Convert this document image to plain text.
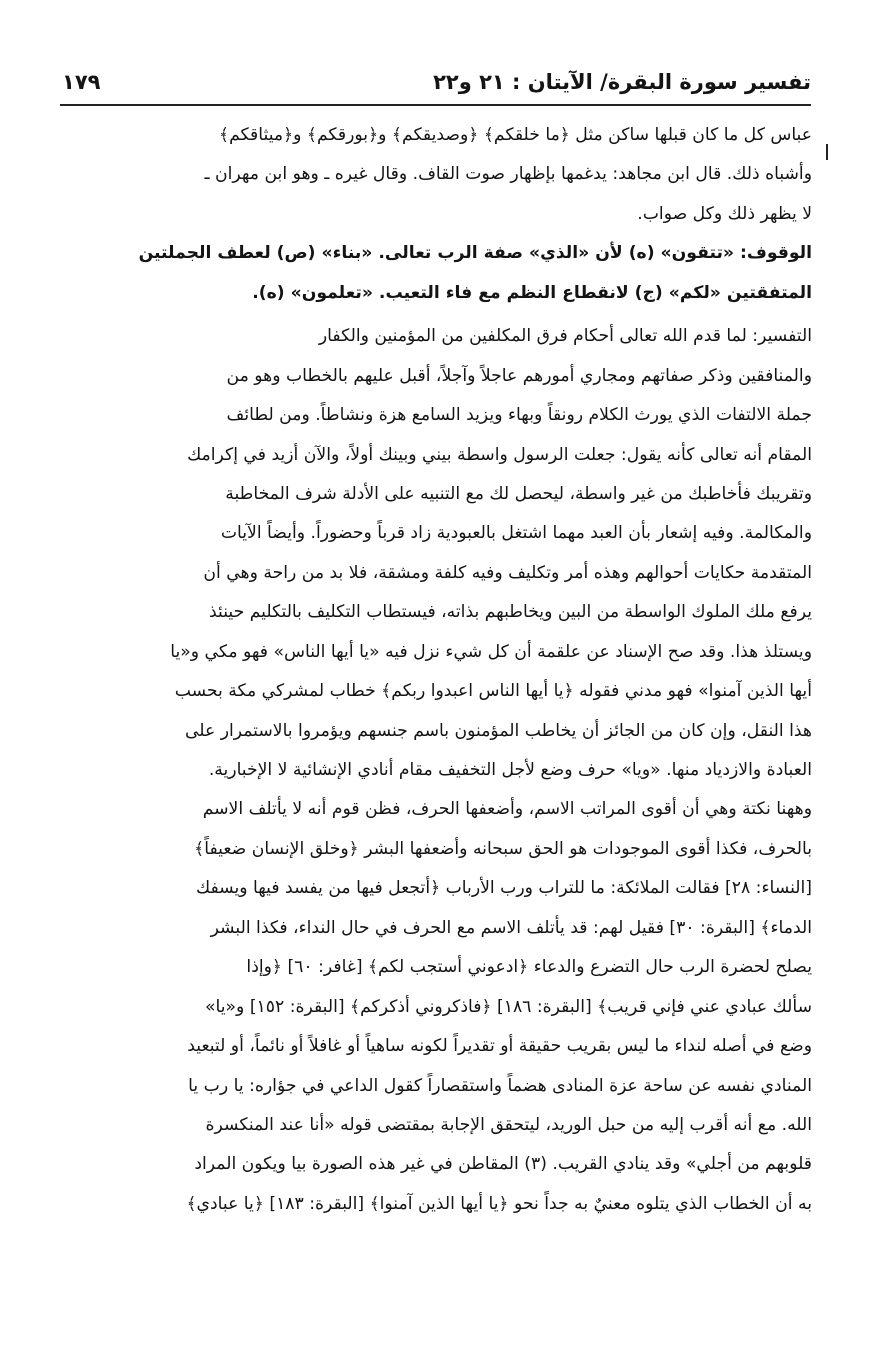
تفسير سورة البقرة/ الآيتان : ٢١ و٢٢
١٧٩
عباس كل ما كان قبلها ساكن مثل ﴿ما خلقكم﴾ ﴿وصديقكم﴾ و﴿بورقكم﴾ و﴿ميثاقكم﴾
وأشباه ذلك. قال ابن مجاهد: يدغمها بإظهار صوت القاف. وقال غيره ـ وهو ابن مهران ـ
لا يظهر ذلك وكل صواب.
الوقوف: «تتقون» (ه) لأن «الذي» صفة الرب تعالى. «بناء» (ص) لعطف الجملتين
المتفقتين «لكم» (ج) لانقطاع النظم مع فاء التعيب. «تعلمون» (ه).
التفسير: لما قدم الله تعالى أحكام فرق المكلفين من المؤمنين والكفار
والمنافقين وذكر صفاتهم ومجاري أمورهم عاجلاً وآجلاً، أقبل عليهم بالخطاب وهو من
جملة الالتفات الذي يورث الكلام رونقاً وبهاء ويزيد السامع هزة ونشاطاً. ومن لطائف
المقام أنه تعالى كأنه يقول: جعلت الرسول واسطة بيني وبينك أولاً، والآن أزيد في إكرامك
وتقريبك فأخاطبك من غير واسطة، ليحصل لك مع التنبيه على الأدلة شرف المخاطبة
والمكالمة. وفيه إشعار بأن العبد مهما اشتغل بالعبودية زاد قرباً وحضوراً. وأيضاً الآيات
المتقدمة حكايات أحوالهم وهذه أمر وتكليف وفيه كلفة ومشقة، فلا بد من راحة وهي أن
يرفع ملك الملوك الواسطة من البين ويخاطبهم بذاته، فيستطاب التكليف بالتكليم حينئذ
ويستلذ هذا. وقد صح الإسناد عن علقمة أن كل شيء نزل فيه «يا أيها الناس» فهو مكي و«يا
أيها الذين آمنوا» فهو مدني فقوله ﴿يا أيها الناس اعبدوا ربكم﴾ خطاب لمشركي مكة بحسب
هذا النقل، وإن كان من الجائز أن يخاطب المؤمنون باسم جنسهم ويؤمروا بالاستمرار على
العبادة والازدياد منها. «ويا» حرف وضع لأجل التخفيف مقام أنادي الإنشائية لا الإخبارية.
وههنا نكتة وهي أن أقوى المراتب الاسم، وأضعفها الحرف، فظن قوم أنه لا يأتلف الاسم
بالحرف، فكذا أقوى الموجودات هو الحق سبحانه وأضعفها البشر ﴿وخلق الإنسان ضعيفاً﴾
[النساء: ٢٨] فقالت الملائكة: ما للتراب ورب الأرباب ﴿أتجعل فيها من يفسد فيها ويسفك
الدماء﴾ [البقرة: ٣٠] فقيل لهم: قد يأتلف الاسم مع الحرف في حال النداء، فكذا البشر
يصلح لحضرة الرب حال التضرع والدعاء ﴿ادعوني أستجب لكم﴾ [غافر: ٦٠] ﴿وإذا
سألك عبادي عني فإني قريب﴾ [البقرة: ١٨٦] ﴿فاذكروني أذكركم﴾ [البقرة: ١٥٢] و«يا»
وضع في أصله لنداء ما ليس بقريب حقيقة أو تقديراً لكونه ساهياً أو غافلاً أو نائماً، أو لتبعيد
المنادي نفسه عن ساحة عزة المنادى هضماً واستقصاراً كقول الداعي في جؤاره: يا رب يا
الله. مع أنه أقرب إليه من حبل الوريد، ليتحقق الإجابة بمقتضى قوله «أنا عند المنكسرة
قلوبهم من أجلي» وقد ينادي القريب. (٣) المقاطن في غير هذه الصورة بيا ويكون المراد
به أن الخطاب الذي يتلوه معنيٌ به جداً نحو ﴿يا أيها الذين آمنوا﴾ [البقرة: ١٨٣] ﴿يا عبادي﴾
